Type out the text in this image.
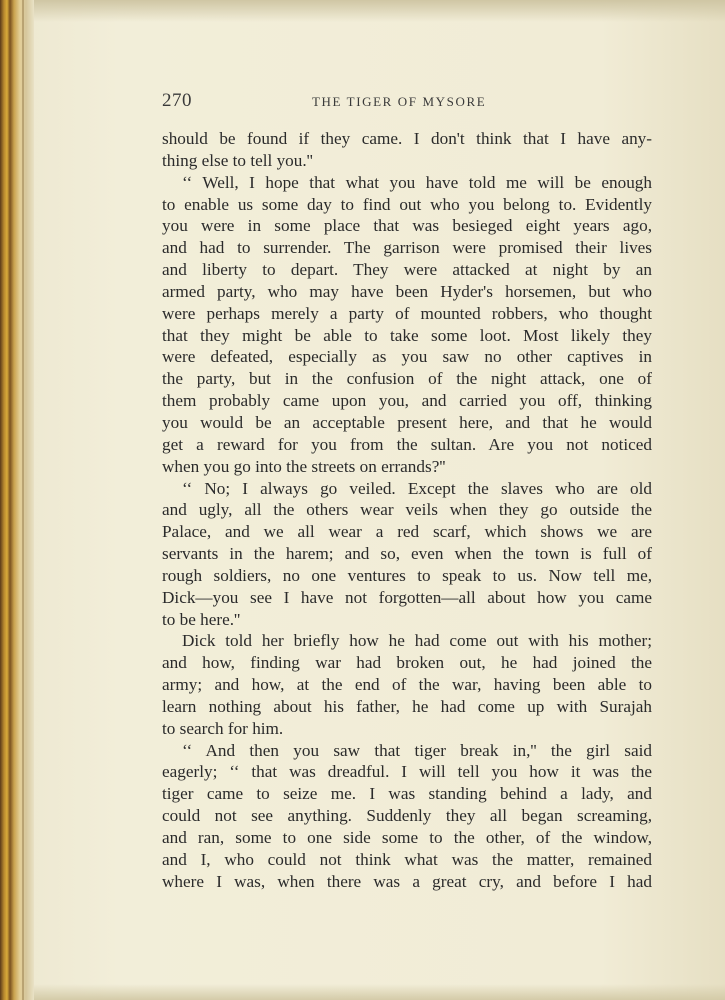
270	THE TIGER OF MYSORE
should be found if they came. I don't think that I have any-
thing else to tell you.''
‘‘ Well, I hope that what you have told me will be enough
to enable us some day to find out who you belong to. Evidently
you were in some place that was besieged eight years ago,
and had to surrender. The garrison were promised their lives
and liberty to depart. They were attacked at night by an
armed party, who may have been Hyder's horsemen, but who
were perhaps merely a party of mounted robbers, who thought
that they might be able to take some loot. Most likely they
were defeated, especially as you saw no other captives in
the party, but in the confusion of the night attack, one of
them probably came upon you, and carried you off, thinking
you would be an acceptable present here, and that he would
get a reward for you from the sultan. Are you not noticed
when you go into the streets on errands?''
‘‘ No; I always go veiled. Except the slaves who are old
and ugly, all the others wear veils when they go outside the
Palace, and we all wear a red scarf, which shows we are
servants in the harem; and so, even when the town is full of
rough soldiers, no one ventures to speak to us. Now tell me,
Dick—you see I have not forgotten—all about how you came
to be here.''
Dick told her briefly how he had come out with his mother;
and how, finding war had broken out, he had joined the
army; and how, at the end of the war, having been able to
learn nothing about his father, he had come up with Surajah
to search for him.
‘‘ And then you saw that tiger break in,'' the girl said
eagerly; ‘‘ that was dreadful. I will tell you how it was the
tiger came to seize me. I was standing behind a lady, and
could not see anything. Suddenly they all began screaming,
and ran, some to one side some to the other, of the window,
and I, who could not think what was the matter, remained
where I was, when there was a great cry, and before I had
